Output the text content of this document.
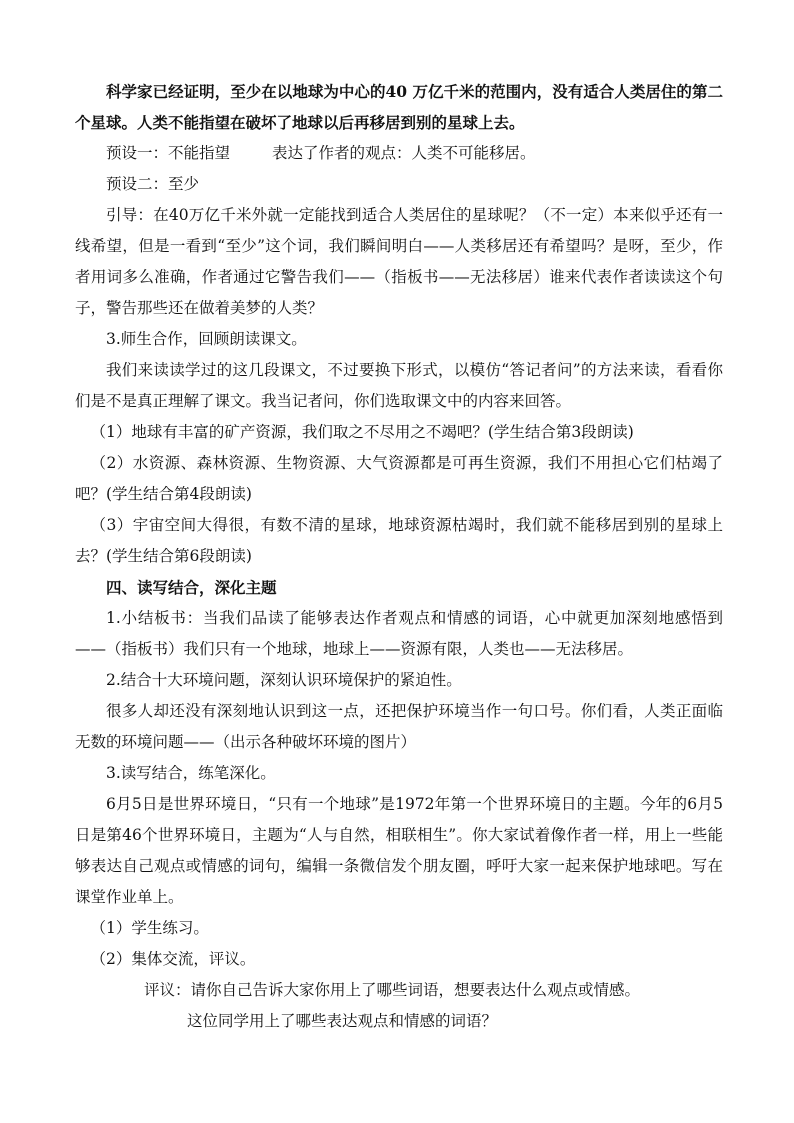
科学家已经证明，至少在以地球为中心的40 万亿千米的范围内，没有适合人类居住的第二个星球。人类不能指望在破坏了地球以后再移居到别的星球上去。

预设一：不能指望	表达了作者的观点：人类不可能移居。

预设二：至少

引导：在40万亿千米外就一定能找到适合人类居住的星球呢？（不一定）本来似乎还有一线希望，但是一看到“至少”这个词，我们瞬间明白——人类移居还有希望吗？是呀，至少，作者用词多么准确，作者通过它警告我们——（指板书——无法移居）谁来代表作者读读这个句子，警告那些还在做着美梦的人类？

3.师生合作，回顾朗读课文。

我们来读读学过的这几段课文，不过要换下形式，以模仿“答记者问”的方法来读，看看你们是不是真正理解了课文。我当记者问，你们选取课文中的内容来回答。

（1）地球有丰富的矿产资源，我们取之不尽用之不竭吧？(学生结合第3段朗读)

（2）水资源、森林资源、生物资源、大气资源都是可再生资源，我们不用担心它们枯竭了吧？(学生结合第4段朗读)

（3）宇宙空间大得很，有数不清的星球，地球资源枯竭时，我们就不能移居到别的星球上去？(学生结合第6段朗读)

四、读写结合，深化主题

1.小结板书：当我们品读了能够表达作者观点和情感的词语，心中就更加深刻地感悟到——（指板书）我们只有一个地球，地球上——资源有限，人类也——无法移居。

2.结合十大环境问题，深刻认识环境保护的紧迫性。

很多人却还没有深刻地认识到这一点，还把保护环境当作一句口号。你们看，人类正面临无数的环境问题——（出示各种破坏环境的图片）

3.读写结合，练笔深化。

6月5日是世界环境日，“只有一个地球”是1972年第一个世界环境日的主题。今年的6月5日是第46个世界环境日，主题为“人与自然，相联相生”。你大家试着像作者一样，用上一些能够表达自己观点或情感的词句，编辑一条微信发个朋友圈，呼吁大家一起来保护地球吧。写在课堂作业单上。

（1）学生练习。

（2）集体交流，评议。

评议：请你自己告诉大家你用上了哪些词语，想要表达什么观点或情感。

这位同学用上了哪些表达观点和情感的词语？
